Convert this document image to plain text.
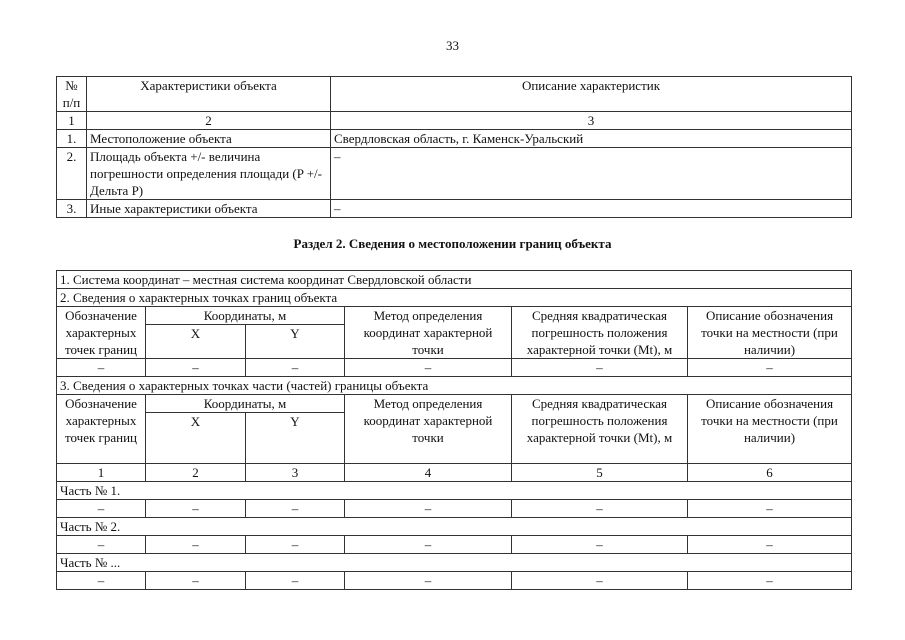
33
№ п/п	Характеристики объекта	Описание характеристик
1	2	3
1.	Местоположение объекта	Свердловская область, г. Каменск-Уральский
2.	Площадь объекта +/- величина погрешности определения площади (P +/- Дельта P)	–
3.	Иные характеристики объекта	–
Раздел 2. Сведения о местоположении границ объекта
1. Система координат – местная система координат Свердловской области					
2. Сведения о характерных точках границ объекта					
Обозначение характерных точек границ	Координаты, м		Метод определения координат характерной точки	Средняя квадратическая погрешность положения характерной точки (Mt), м	Описание обозначения точки на местности (при наличии)
	X	Y			
–	–	–	–	–	–
3. Сведения о характерных точках части (частей) границы объекта					
Обозначение характерных точек границ	Координаты, м		Метод определения координат характерной точки	Средняя квадратическая погрешность положения характерной точки (Mt), м	Описание обозначения точки на местности (при наличии)
	X	Y			
1	2	3	4	5	6
Часть № 1.					
–	–	–	–	–	–
Часть № 2.					
–	–	–	–	–	–
Часть № ...					
–	–	–	–	–	–
